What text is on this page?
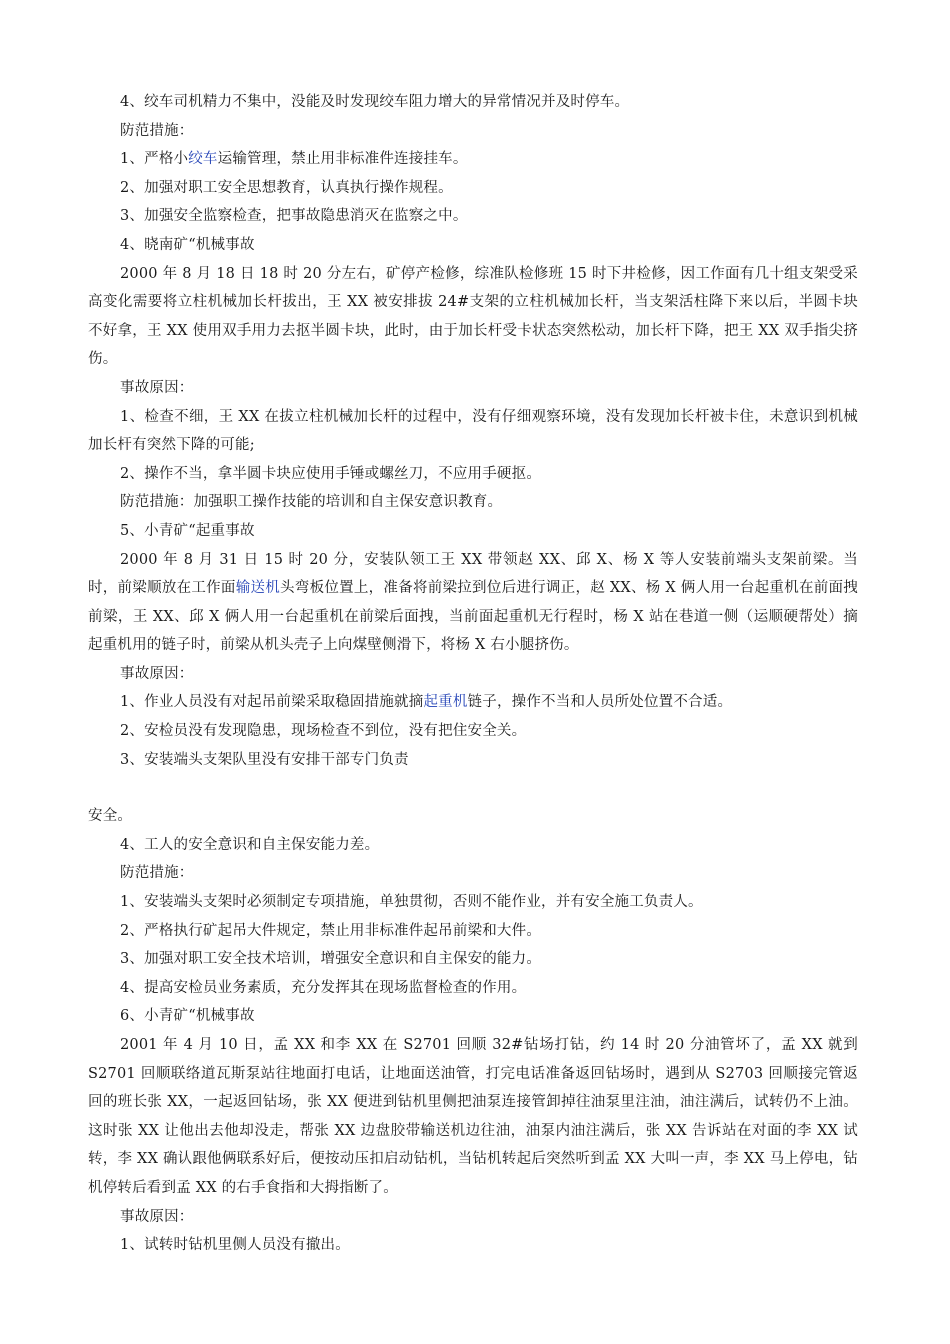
4、绞车司机精力不集中，没能及时发现绞车阻力增大的异常情况并及时停车。

防范措施：

1、严格小绞车运输管理，禁止用非标准件连接挂车。

2、加强对职工安全思想教育，认真执行操作规程。

3、加强安全监察检查，把事故隐患消灭在监察之中。

4、晓南矿“机械事故

2000 年 8 月 18 日 18 时 20 分左右，矿停产检修，综准队检修班 15 时下井检修，因工作面有几十组支架受采高变化需要将立柱机械加长杆拔出，王 XX 被安排拔 24#支架的立柱机械加长杆，当支架活柱降下来以后，半圆卡块不好拿，王 XX 使用双手用力去抠半圆卡块，此时，由于加长杆受卡状态突然松动，加长杆下降，把王 XX 双手指尖挤伤。

事故原因：

1、检查不细，王 XX 在拔立柱机械加长杆的过程中，没有仔细观察环境，没有发现加长杆被卡住，未意识到机械加长杆有突然下降的可能;

2、操作不当，拿半圆卡块应使用手锤或螺丝刀，不应用手硬抠。

防范措施：加强职工操作技能的培训和自主保安意识教育。

5、小青矿“起重事故

2000 年 8 月 31 日 15 时 20 分，安装队领工王 XX 带领赵 XX、邱 X、杨 X 等人安装前端头支架前梁。当时，前梁顺放在工作面输送机头弯板位置上，准备将前梁拉到位后进行调正，赵 XX、杨 X 俩人用一台起重机在前面拽前梁，王 XX、邱 X 俩人用一台起重机在前梁后面拽，当前面起重机无行程时，杨 X 站在巷道一侧（运顺硬帮处）摘起重机用的链子时，前梁从机头壳子上向煤壁侧滑下，将杨 X 右小腿挤伤。

事故原因：

1、作业人员没有对起吊前梁采取稳固措施就摘起重机链子，操作不当和人员所处位置不合适。

2、安检员没有发现隐患，现场检查不到位，没有把住安全关。

3、安装端头支架队里没有安排干部专门负责

安全。

4、工人的安全意识和自主保安能力差。

防范措施：

1、安装端头支架时必须制定专项措施，单独贯彻，否则不能作业，并有安全施工负责人。

2、严格执行矿起吊大件规定，禁止用非标准件起吊前梁和大件。

3、加强对职工安全技术培训，增强安全意识和自主保安的能力。

4、提高安检员业务素质，充分发挥其在现场监督检查的作用。

6、小青矿“机械事故

2001 年 4 月 10 日，孟 XX 和李 XX 在 S2701 回顺 32#钻场打钻，约 14 时 20 分油管坏了，孟 XX 就到 S2701 回顺联络道瓦斯泵站往地面打电话，让地面送油管，打完电话准备返回钻场时，遇到从 S2703 回顺接完管返回的班长张 XX，一起返回钻场，张 XX 便进到钻机里侧把油泵连接管卸掉往油泵里注油，油注满后，试转仍不上油。这时张 XX 让他出去他却没走，帮张 XX 边盘胶带输送机边往油，油泵内油注满后，张 XX 告诉站在对面的李 XX 试转，李 XX 确认跟他俩联系好后，便按动压扣启动钻机，当钻机转起后突然听到孟 XX 大叫一声，李 XX 马上停电，钻机停转后看到孟 XX 的右手食指和大拇指断了。

事故原因：

1、试转时钻机里侧人员没有撤出。
